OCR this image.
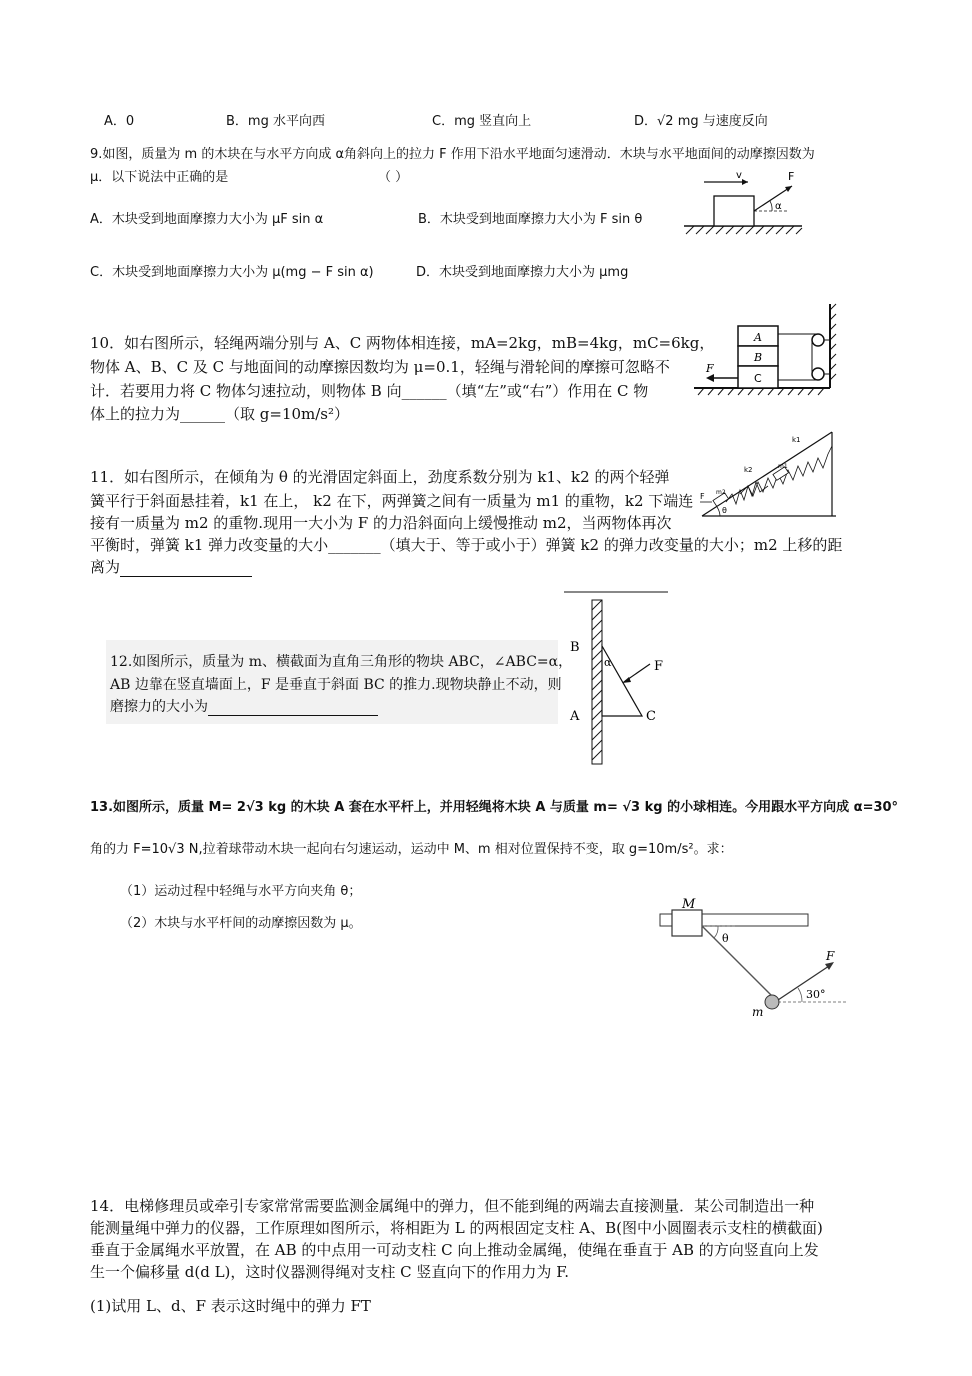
A．0	B．mg 水平向西	C．mg 竖直向上	D．√2 mg 与速度反向
9.如图，质量为 m 的木块在与水平方向成 α角斜向上的拉力 F 作用下沿水平地面匀速滑动．木块与水平地面间的动摩擦因数为
μ．以下说法中正确的是	（ ）
A．木块受到地面摩擦力大小为 μF sin α	B．木块受到地面摩擦力大小为 F sin θ
C．木块受到地面摩擦力大小为 μ(mg − F sin α)	D．木块受到地面摩擦力大小为 μmg
v	F
α
10．如右图所示，轻绳两端分别与 A、C 两物体相连接，mA=2kg，mB=4kg，mC=6kg，
物体 A、B、C 及 C 与地面间的动摩擦因数均为 μ=0.1，轻绳与滑轮间的摩擦可忽略不
计．若要用力将 C 物体匀速拉动，则物体 B 向______（填“左”或“右”）作用在 C 物
体上的拉力为______（取 g=10m/s²）
A
B
C
F
11．如右图所示，在倾角为 θ 的光滑固定斜面上，劲度系数分别为 k1、k2 的两个轻弹
簧平行于斜面悬挂着，k1 在上， k2 在下，两弹簧之间有一质量为 m1 的重物，k2 下端连
接有一质量为 m2 的重物.现用一大小为 F 的力沿斜面向上缓慢推动 m2，当两物体再次
平衡时，弹簧 k1 弹力改变量的大小_______（填大于、等于或小于）弹簧 k2 的弹力改变量的大小；m2 上移的距
离为
F
k1
k2	m1
m2
θ
12.如图所示，质量为 m、横截面为直角三角形的物块 ABC，∠ABC=α，
AB 边靠在竖直墙面上，F 是垂直于斜面 BC 的推力.现物块静止不动，则
磨擦力的大小为
F
B
A	C
α
13.如图所示，质量 M= 2√3 kg 的木块 A 套在水平杆上，并用轻绳将木块 A 与质量 m= √3 kg 的小球相连。今用跟水平方向成 α=30°
角的力 F=10√3 N,拉着球带动木块一起向右匀速运动，运动中 M、m 相对位置保持不变，取 g=10m/s²。求：
（1）运动过程中轻绳与水平方向夹角 θ；
（2）木块与水平杆间的动摩擦因数为 μ。
M
θ
m
F
30°
14．电梯修理员或牵引专家常常需要监测金属绳中的弹力，但不能到绳的两端去直接测量．某公司制造出一种
能测量绳中弹力的仪器，工作原理如图所示，将相距为 L 的两根固定支柱 A、B(图中小圆圈表示支柱的横截面)
垂直于金属绳水平放置，在 AB 的中点用一可动支柱 C 向上推动金属绳，使绳在垂直于 AB 的方向竖直向上发
生一个偏移量 d(d L)，这时仪器测得绳对支柱 C 竖直向下的作用力为 F.
(1)试用 L、d、F 表示这时绳中的弹力 FT
